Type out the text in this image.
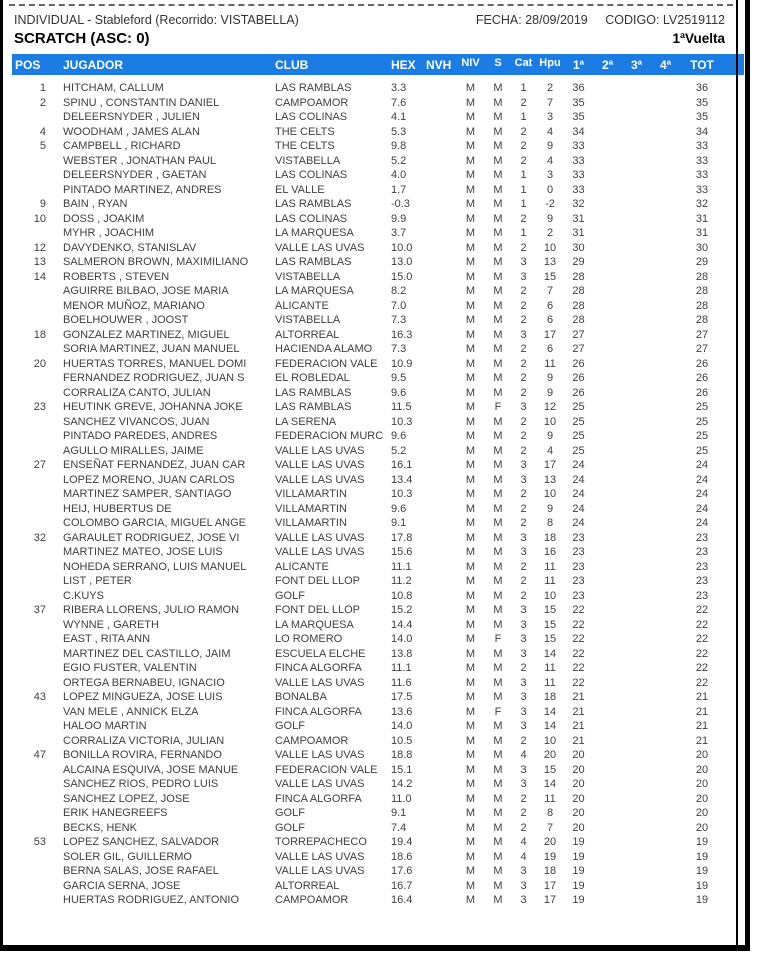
INDIVIDUAL - Stableford (Recorrido: VISTABELLA)	FECHA: 28/09/2019 CODIGO: LV2519112
SCRATCH (ASC: 0)	1ªVuelta
POS	JUGADOR	CLUB	HEX	NVH	NIV	S	Cat	Hpu	1ª	2ª	3ª	4ª	TOT	
1	HITCHAM, CALLUM	LAS RAMBLAS	3.3		M	M	1	2	36				36	
2	SPINU , CONSTANTIN DANIEL	CAMPOAMOR	7.6		M	M	2	7	35				35	
	DELEERSNYDER , JULIEN	LAS COLINAS	4.1		M	M	1	3	35				35	
4	WOODHAM , JAMES ALAN	THE CELTS	5.3		M	M	2	4	34				34	
5	CAMPBELL , RICHARD	THE CELTS	9.8		M	M	2	9	33				33	
	WEBSTER , JONATHAN PAUL	VISTABELLA	5.2		M	M	2	4	33				33	
	DELEERSNYDER , GAETAN	LAS COLINAS	4.0		M	M	1	3	33				33	
	PINTADO MARTINEZ, ANDRES	EL VALLE	1.7		M	M	1	0	33				33	
9	BAIN , RYAN	LAS RAMBLAS	-0.3		M	M	1	-2	32				32	
10	DOSS , JOAKIM	LAS COLINAS	9.9		M	M	2	9	31				31	
	MYHR , JOACHIM	LA MARQUESA	3.7		M	M	1	2	31				31	
12	DAVYDENKO, STANISLAV	VALLE LAS UVAS	10.0		M	M	2	10	30				30	
13	SALMERON BROWN, MAXIMILIANO	LAS RAMBLAS	13.0		M	M	3	13	29				29	
14	ROBERTS , STEVEN	VISTABELLA	15.0		M	M	3	15	28				28	
	AGUIRRE BILBAO, JOSE MARIA	LA MARQUESA	8.2		M	M	2	7	28				28	
	MENOR MUÑOZ, MARIANO	ALICANTE	7.0		M	M	2	6	28				28	
	BOELHOUWER , JOOST	VISTABELLA	7.3		M	M	2	6	28				28	
18	GONZALEZ MARTINEZ, MIGUEL	ALTORREAL	16.3		M	M	3	17	27				27	
	SORIA MARTINEZ, JUAN MANUEL	HACIENDA ALAMO	7.3		M	M	2	6	27				27	
20	HUERTAS TORRES, MANUEL DOMI	FEDERACION VALE	10.9		M	M	2	11	26				26	
	FERNANDEZ RODRIGUEZ, JUAN S	EL ROBLEDAL	9.5		M	M	2	9	26				26	
	CORRALIZA CANTO, JULIAN	LAS RAMBLAS	9.6		M	M	2	9	26				26	
23	HEUTINK GREVE, JOHANNA JOKE	LAS RAMBLAS	11.5		M	F	3	12	25				25	
	SANCHEZ VIVANCOS, JUAN	LA SERENA	10.3		M	M	2	10	25				25	
	PINTADO PAREDES, ANDRES	FEDERACION MURC	9.6		M	M	2	9	25				25	
	AGULLO MIRALLES, JAIME	VALLE LAS UVAS	5.2		M	M	2	4	25				25	
27	ENSEÑAT FERNANDEZ, JUAN CAR	VALLE LAS UVAS	16.1		M	M	3	17	24				24	
	LOPEZ MORENO, JUAN CARLOS	VALLE LAS UVAS	13.4		M	M	3	13	24				24	
	MARTINEZ SAMPER, SANTIAGO	VILLAMARTIN	10.3		M	M	2	10	24				24	
	HEIJ, HUBERTUS DE	VILLAMARTIN	9.6		M	M	2	9	24				24	
	COLOMBO GARCIA, MIGUEL ANGE	VILLAMARTIN	9.1		M	M	2	8	24				24	
32	GARAULET RODRIGUEZ, JOSE VI	VALLE LAS UVAS	17.8		M	M	3	18	23				23	
	MARTINEZ MATEO, JOSE LUIS	VALLE LAS UVAS	15.6		M	M	3	16	23				23	
	NOHEDA SERRANO, LUIS MANUEL	ALICANTE	11.1		M	M	2	11	23				23	
	LIST , PETER	FONT DEL LLOP	11.2		M	M	2	11	23				23	
	C.KUYS	GOLF	10.8		M	M	2	10	23				23	
37	RIBERA LLORENS, JULIO RAMON	FONT DEL LLOP	15.2		M	M	3	15	22				22	
	WYNNE , GARETH	LA MARQUESA	14.4		M	M	3	15	22				22	
	EAST , RITA ANN	LO ROMERO	14.0		M	F	3	15	22				22	
	MARTINEZ DEL CASTILLO, JAIM	ESCUELA ELCHE	13.8		M	M	3	14	22				22	
	EGIO FUSTER, VALENTIN	FINCA ALGORFA	11.1		M	M	2	11	22				22	
	ORTEGA BERNABEU, IGNACIO	VALLE LAS UVAS	11.6		M	M	3	11	22				22	
43	LOPEZ MINGUEZA, JOSE LUIS	BONALBA	17.5		M	M	3	18	21				21	
	VAN MELE , ANNICK ELZA	FINCA ALGORFA	13.6		M	F	3	14	21				21	
	HALOO MARTIN	GOLF	14.0		M	M	3	14	21				21	
	CORRALIZA VICTORIA, JULIAN	CAMPOAMOR	10.5		M	M	2	10	21				21	
47	BONILLA ROVIRA, FERNANDO	VALLE LAS UVAS	18.8		M	M	4	20	20				20	
	ALCAINA ESQUIVA, JOSE MANUE	FEDERACION VALE	15.1		M	M	3	15	20				20	
	SANCHEZ RIOS, PEDRO LUIS	VALLE LAS UVAS	14.2		M	M	3	14	20				20	
	SANCHEZ LOPEZ, JOSE	FINCA ALGORFA	11.0		M	M	2	11	20				20	
	ERIK HANEGREEFS	GOLF	9.1		M	M	2	8	20				20	
	BECKS, HENK	GOLF	7.4		M	M	2	7	20				20	
53	LOPEZ SANCHEZ, SALVADOR	TORREPACHECO	19.4		M	M	4	20	19				19	
	SOLER GIL, GUILLERMO	VALLE LAS UVAS	18.6		M	M	4	19	19				19	
	BERNA SALAS, JOSE RAFAEL	VALLE LAS UVAS	17.6		M	M	3	18	19				19	
	GARCIA SERNA, JOSE	ALTORREAL	16.7		M	M	3	17	19				19	
	HUERTAS RODRIGUEZ, ANTONIO	CAMPOAMOR	16.4		M	M	3	17	19				19	
